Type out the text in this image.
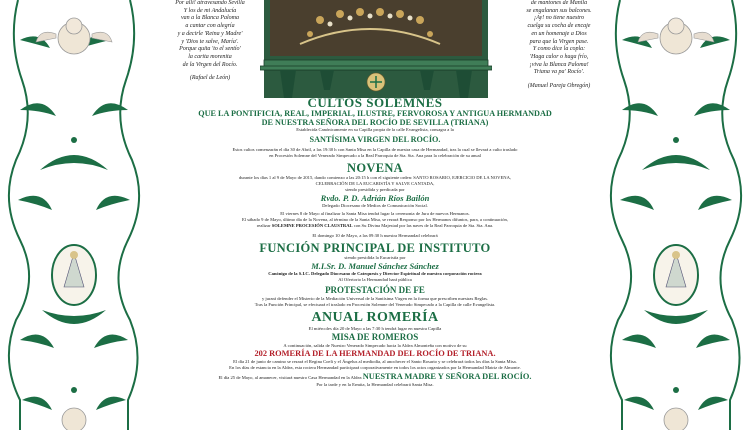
Por allí! atravesando Sevilla
Y los de mi Andalucía
van a la Blanca Paloma
a cantar con alegría
y a decirle 'Reina y Madre'
y 'Dios te salve, María'.
Porque quita 'to el sentío'
la carita morenita
de la Virgen del Rocío.
(Rafael de León)
de mantones de Manila
se engalanan sus balcones.
¡Ay! no tiene nuestro
cuelga su cocha de encaje
en un homenaje a Dios
para que la Virgen pase.
Y como dice la copla:
'Haga calor o haga frío,
¡viva la Blanca Paloma!
Triana va pa' Rocío'.
(Manuel Pareja Obregón)
CULTOS SOLEMNES
QUE LA PONTIFICIA, REAL, IMPERIAL, ILUSTRE, FERVOROSA Y ANTIGUA HERMANDAD
DE NUESTRA SEÑORA DEL ROCÍO DE SEVILLA (TRIANA)
Establecida Canónicamente en su Capilla propia de la calle Evangelista, consagra a la
SANTÍSIMA VIRGEN DEL ROCÍO.
Estos cultos comenzarán el día 30 de Abril, a las 19:30 h con Santa Misa en la Capilla de nuestra casa de Hermandad, tras la cual se llevará a culto traslado
en Procesión Solemne del Venerado Simpecado a la Real Parroquia de Sta. Sta. Ana para la celebración de su anual
NOVENA
durante los días 1 al 9 de Mayo de 2015, dando comienzo a las 20:15 h con el siguiente orden: SANTO ROSARIO, EJERCICIO DE LA NOVENA,
CELEBRACIÓN DE LA EUCARISTÍA Y SALVE CANTADA,
siendo presidida y predicada por
Rvdo. P. D. Adrián Ríos Bailón
Delegado Diocesano de Medios de Comunicación Social.
El viernes 8 de Mayo al finalizar la Santa Misa tendrá lugar la ceremonia de Jura de nuevos Hermanos.
El sábado 9 de Mayo, último día de la Novena, al término de la Santa Misa, se rezará Responso por los Hermanos difuntos, para, a continuación,
realizar SOLEMNE PROCESIÓN CLAUSTRAL con Su Divina Majestad por las naves de la Real Parroquia de Sta. Sta. Ana.
El domingo 10 de Mayo, a las 09:30 h nuestra Hermandad celebrará
FUNCIÓN PRINCIPAL DE INSTITUTO
siendo presidida la Eucaristía por
M.I.Sr. D. Manuel Sánchez Sánchez
Canónigo de la S.I.C. Delegado Diocesano de Catequesis y Director Espiritual de nuestra corporación rociera
Al Ofertorio la Hermandad hará pública
PROTESTACIÓN DE FE
y jurará defender el Misterio de la Mediación Universal de la Santísima Virgen en la forma que prescriben nuestras Reglas.
Tras la Función Principal, se efectuará el traslado en Procesión Solemne del Venerado Simpecado a la Capilla de calle Evangelista.
ANUAL ROMERÍA
El miércoles día 20 de Mayo a las 7:30 h tendrá lugar en nuestra Capilla
MISA DE ROMEROS
A continuación, salida de Nuestro Venerado Simpecado hacia la Aldea Almonteña con motivo de su
202 ROMERÍA DE LA HERMANDAD DEL ROCÍO DE TRIANA.
El día 21 de junio de camino se rezará el Regina Coeli y el Ángelus al mediodía, al anochecer el Santo Rosario y se celebrará todos los días la Santa Misa.
En los días de estancia en la Aldea, esta rociera Hermandad participará corporativamente en todos los actos organizados por la Hermandad Matriz de Almonte.
El día 25 de Mayo, al amanecer, visitará nuestro Casa Hermandad en la Aldea NUESTRA MADRE Y SEÑORA DEL ROCÍO.
Por la tarde y en la Ermita, la Hermandad celebrará Santa Misa.
